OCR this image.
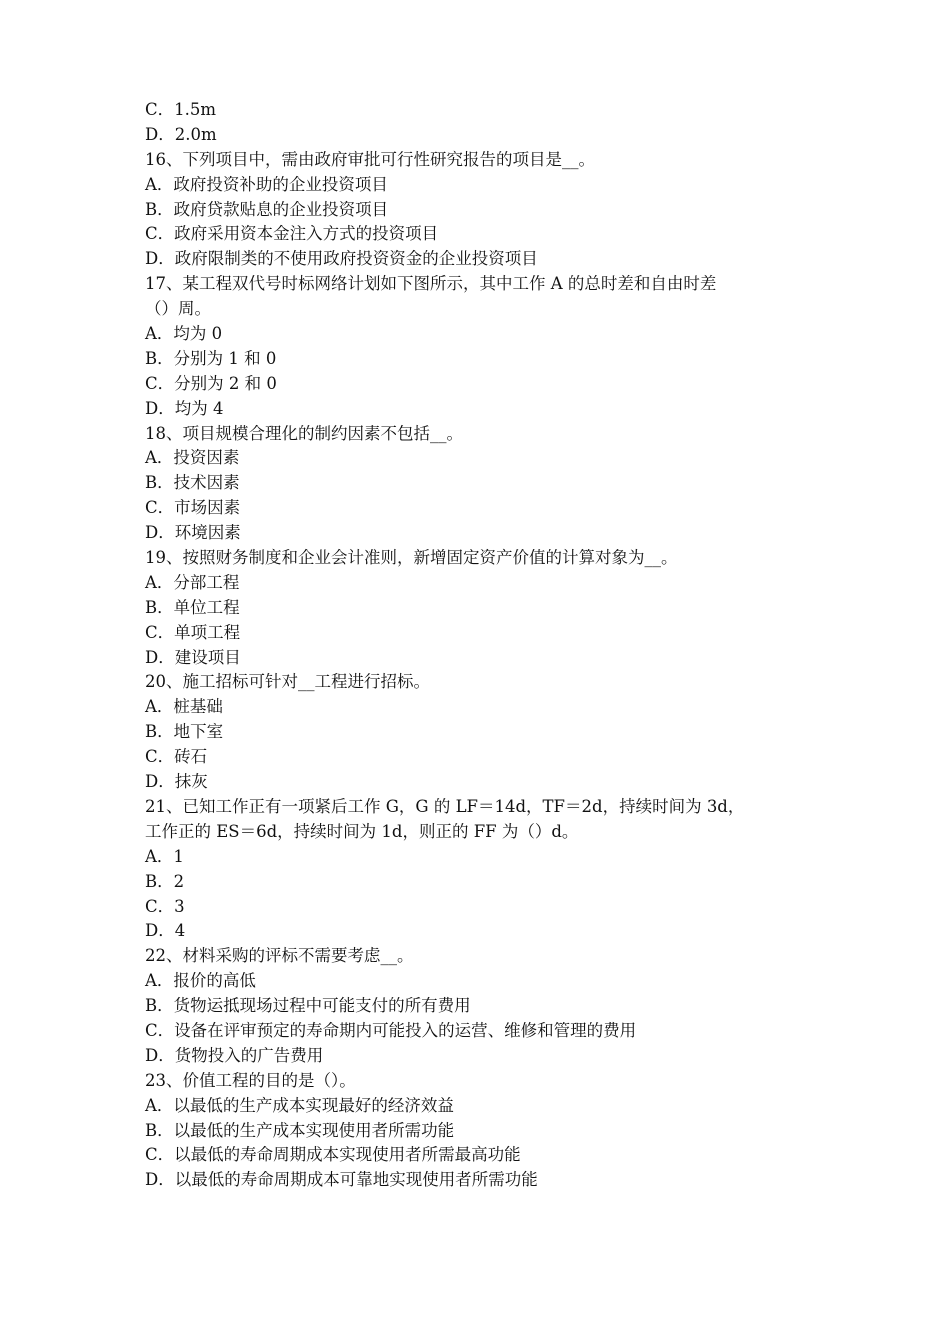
C．1.5m
D．2.0m
16、下列项目中，需由政府审批可行性研究报告的项目是__。
A．政府投资补助的企业投资项目
B．政府贷款贴息的企业投资项目
C．政府采用资本金注入方式的投资项目
D．政府限制类的不使用政府投资资金的企业投资项目
17、某工程双代号时标网络计划如下图所示，其中工作 A 的总时差和自由时差
（）周。
A．均为 0
B．分别为 1 和 0
C．分别为 2 和 0
D．均为 4
18、项目规模合理化的制约因素不包括__。
A．投资因素
B．技术因素
C．市场因素
D．环境因素
19、按照财务制度和企业会计准则，新增固定资产价值的计算对象为__。
A．分部工程
B．单位工程
C．单项工程
D．建设项目
20、施工招标可针对__工程进行招标。
A．桩基础
B．地下室
C．砖石
D．抹灰
21、已知工作正有一项紧后工作 G，G 的 LF＝14d，TF＝2d，持续时间为 3d，
工作正的 ES＝6d，持续时间为 1d，则正的 FF 为（）d。
A．1
B．2
C．3
D．4
22、材料采购的评标不需要考虑__。
A．报价的高低
B．货物运抵现场过程中可能支付的所有费用
C．设备在评审预定的寿命期内可能投入的运营、维修和管理的费用
D．货物投入的广告费用
23、价值工程的目的是（）。
A．以最低的生产成本实现最好的经济效益
B．以最低的生产成本实现使用者所需功能
C．以最低的寿命周期成本实现使用者所需最高功能
D．以最低的寿命周期成本可靠地实现使用者所需功能
